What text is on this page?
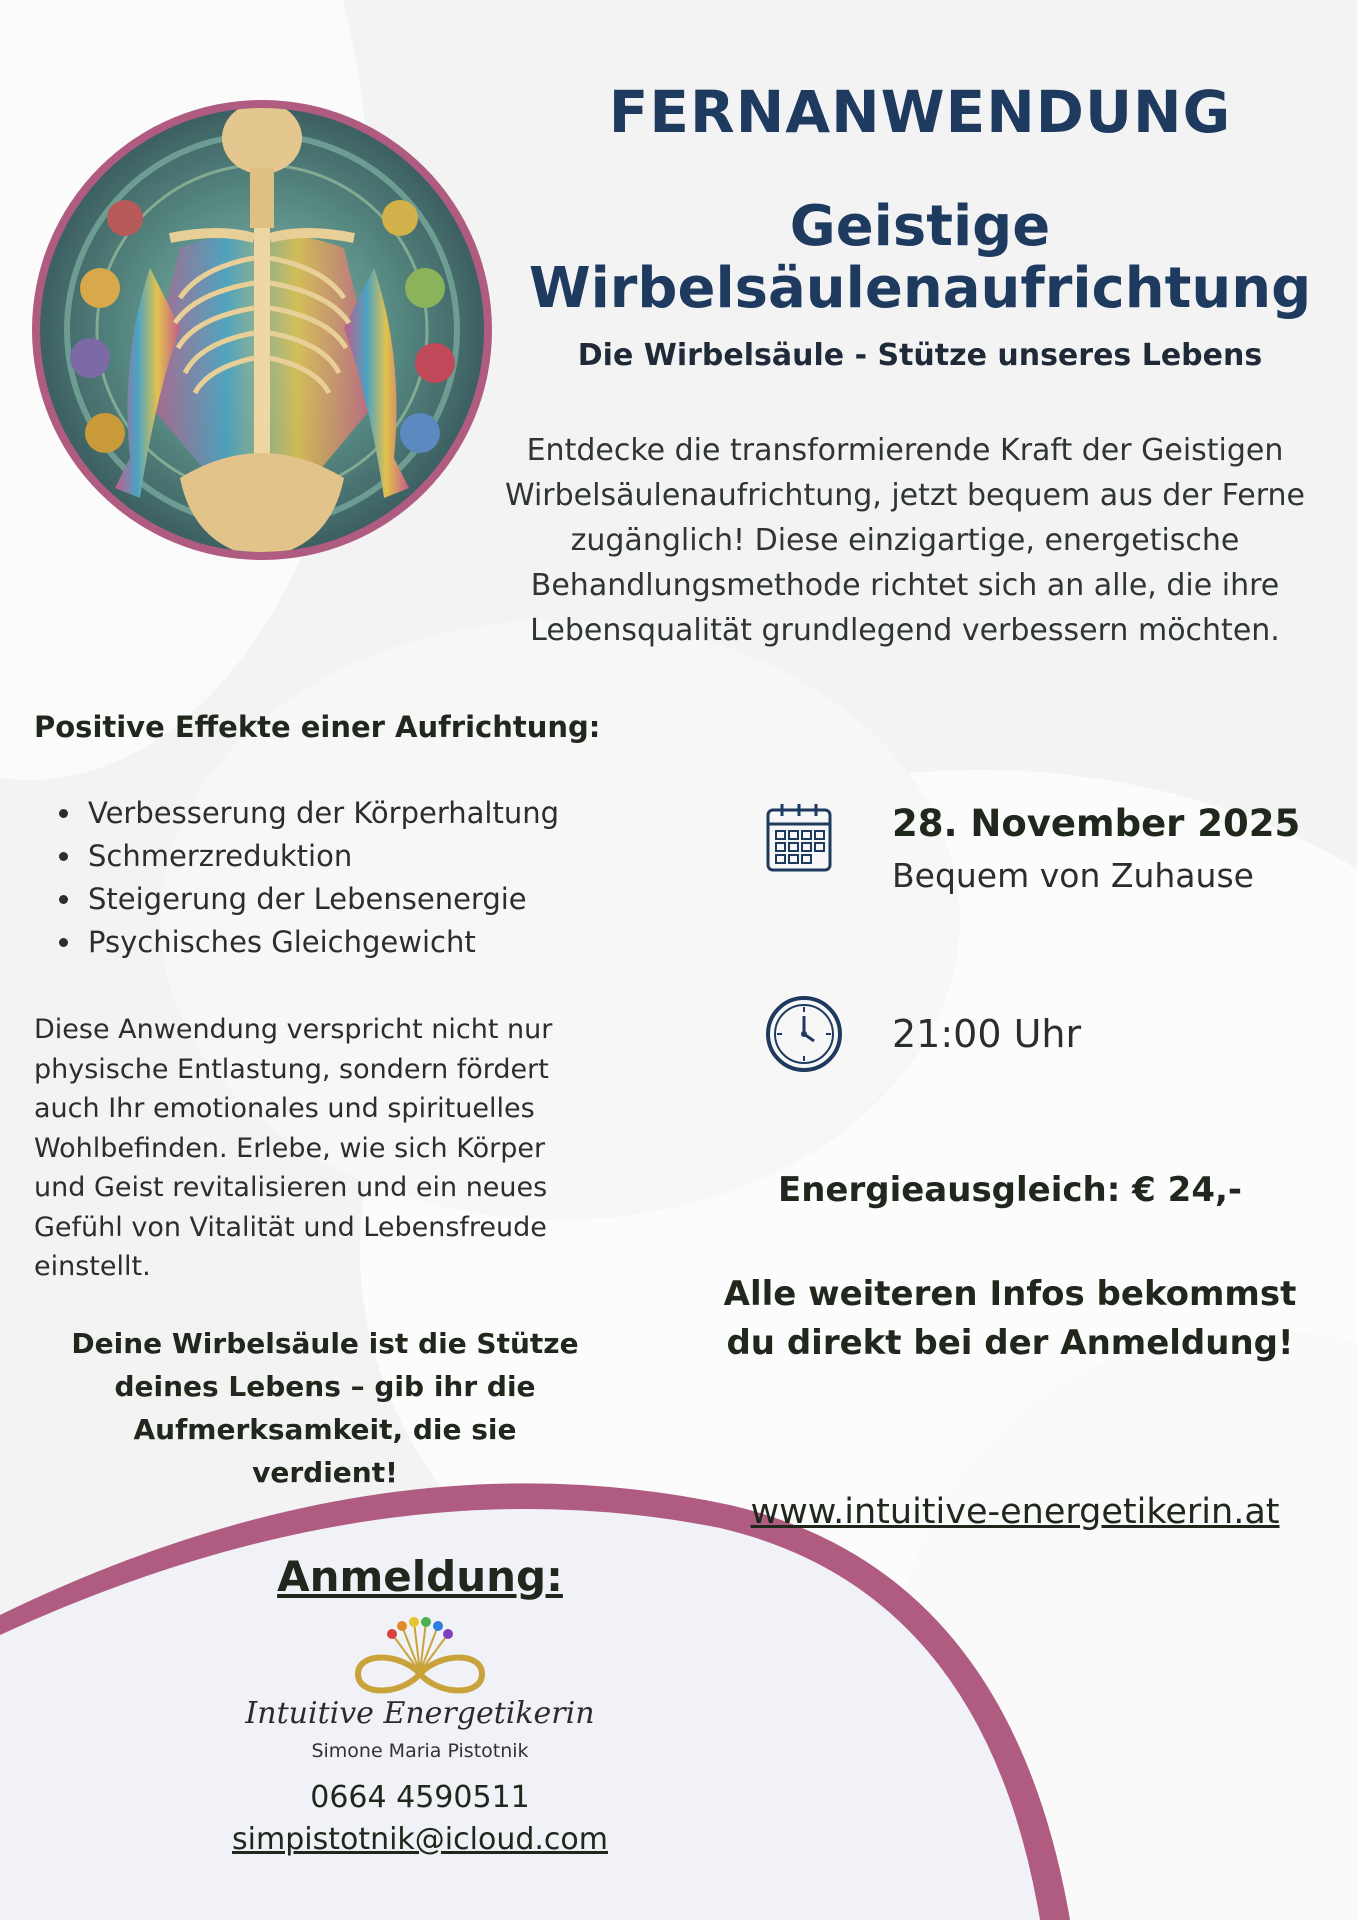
FERNANWENDUNG
Geistige Wirbelsäulenaufrichtung
Die Wirbelsäule - Stütze unseres Lebens
Entdecke die transformierende Kraft der Geistigen Wirbelsäulenaufrichtung, jetzt bequem aus der Ferne zugänglich! Diese einzigartige, energetische Behandlungsmethode richtet sich an alle, die ihre Lebensqualität grundlegend verbessern möchten.
Positive Effekte einer Aufrichtung:
• Verbesserung der Körperhaltung
• Schmerzreduktion
• Steigerung der Lebensenergie
• Psychisches Gleichgewicht
Diese Anwendung verspricht nicht nur physische Entlastung, sondern fördert auch Ihr emotionales und spirituelles Wohlbefinden. Erlebe, wie sich Körper und Geist revitalisieren und ein neues Gefühl von Vitalität und Lebensfreude einstellt.
Deine Wirbelsäule ist die Stütze deines Lebens – gib ihr die Aufmerksamkeit, die sie verdient!
28. November 2025
Bequem von Zuhause
21:00 Uhr
Energieausgleich: € 24,-
Alle weiteren Infos bekommst du direkt bei der Anmeldung!
www.intuitive-energetikerin.at
Anmeldung:
Intuitive Energetikerin
Simone Maria Pistotnik
0664 4590511
simpistotnik@icloud.com
